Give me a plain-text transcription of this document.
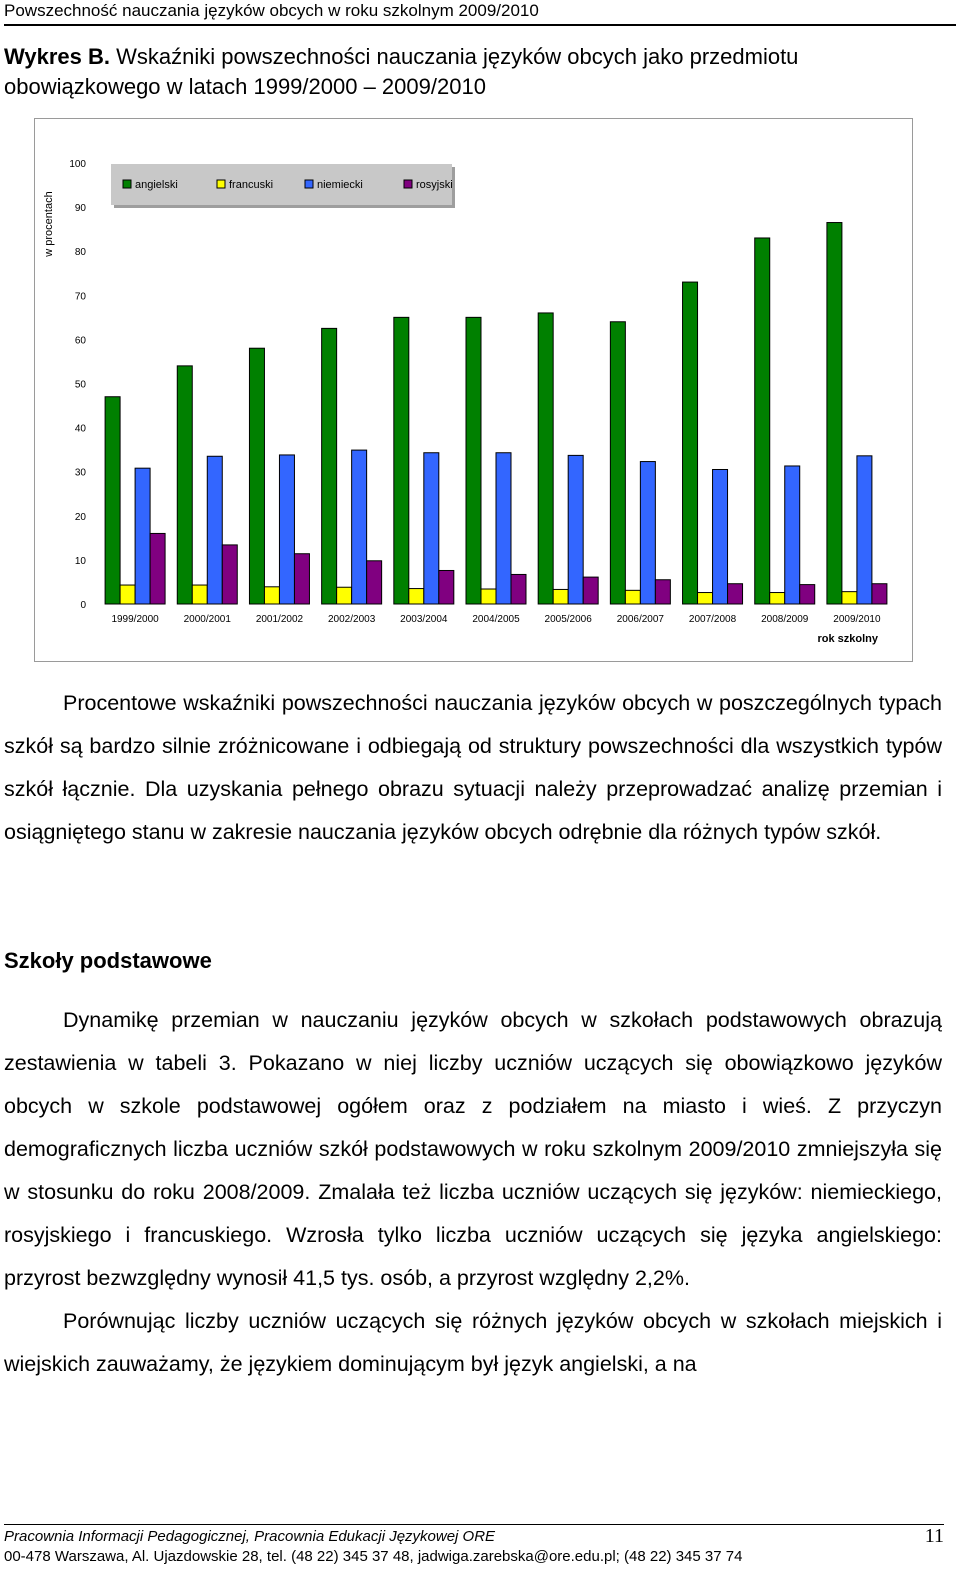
Powszechność nauczania języków obcych w roku szkolnym 2009/2010
Wykres B. Wskaźniki powszechności nauczania języków obcych jako przedmiotu obowiązkowego w latach 1999/2000 – 2009/2010
0
10
20
30
40
50
60
70
80
90
100
w procentach
1999/2000 2000/2001 2001/2002 2002/2003 2003/2004 2004/2005 2005/2006 2006/2007 2007/2008 2008/2009 2009/2010
rok szkolny
angielski	francuski	niemiecki	rosyjski

Procentowe wskaźniki powszechności nauczania języków obcych w poszczególnych typach szkół są bardzo silnie zróżnicowane i odbiegają od struktury powszechności dla wszystkich typów szkół łącznie. Dla uzyskania pełnego obrazu sytuacji należy przeprowadzać analizę przemian i osiągniętego stanu w zakresie nauczania języków obcych odrębnie dla różnych typów szkół.

Szkoły podstawowe

Dynamikę przemian w nauczaniu języków obcych w szkołach podstawowych obrazują zestawienia w tabeli 3. Pokazano w niej liczby uczniów uczących się obowiązkowo języków obcych w szkole podstawowej ogółem oraz z podziałem na miasto i wieś. Z przyczyn demograficznych liczba uczniów szkół podstawowych w roku szkolnym 2009/2010 zmniejszyła się w stosunku do roku 2008/2009. Zmalała też liczba uczniów uczących się języków: niemieckiego, rosyjskiego i francuskiego. Wzrosła tylko liczba uczniów uczących się języka angielskiego: przyrost bezwzględny wynosił 41,5 tys. osób, a przyrost względny 2,2%.

Porównując liczby uczniów uczących się różnych języków obcych w szkołach miejskich i wiejskich zauważamy, że językiem dominującym był język angielski, a na

Pracownia Informacji Pedagogicznej, Pracownia Edukacji Językowej ORE
00-478 Warszawa, Al. Ujazdowskie 28, tel. (48 22) 345 37 48, jadwiga.zarebska@ore.edu.pl; (48 22) 345 37 74
11
